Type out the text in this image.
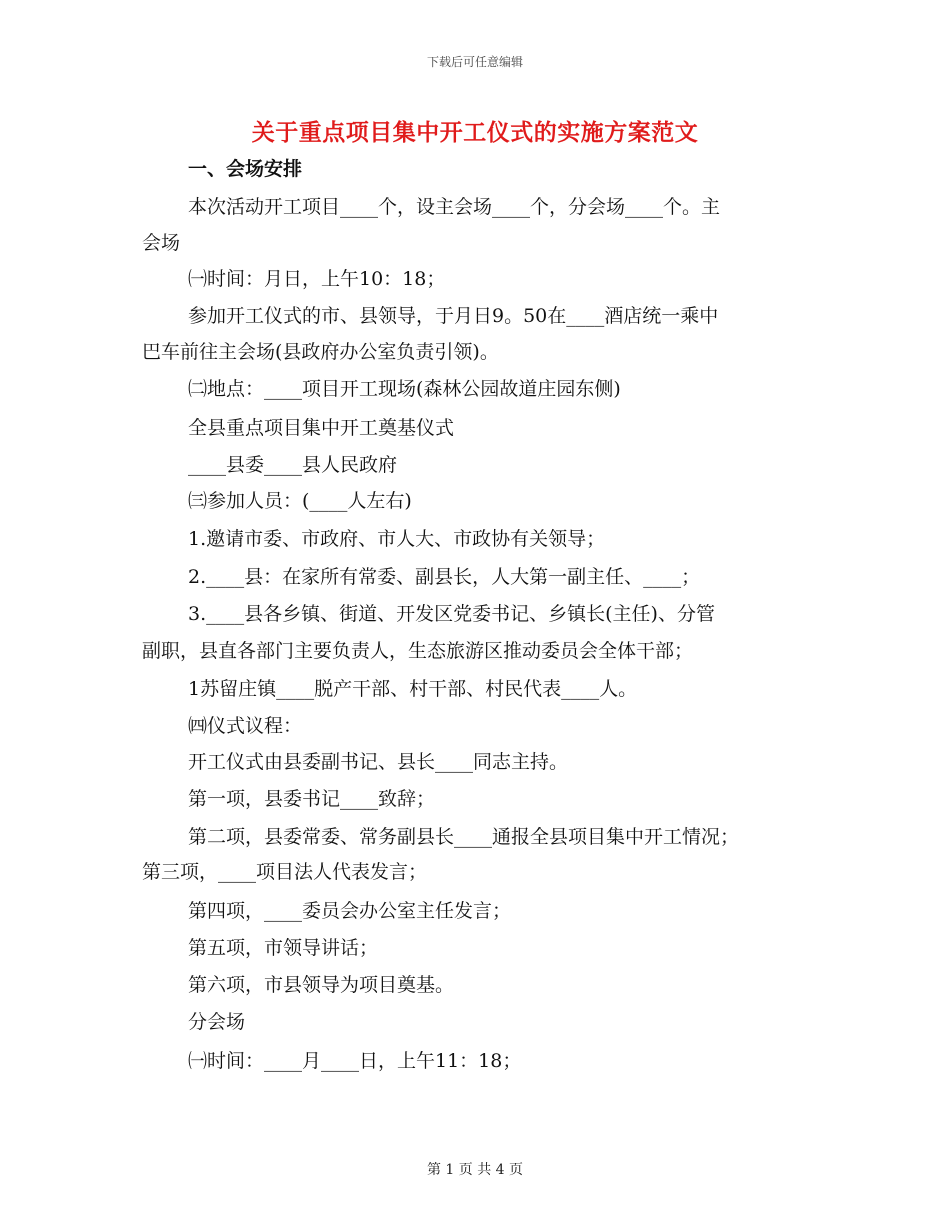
下载后可任意编辑
关于重点项目集中开工仪式的实施方案范文
一、会场安排
本次活动开工项目____个，设主会场____个，分会场____个。主
会场
㈠时间：月日，上午10：18；
参加开工仪式的市、县领导，于月日9。50在____酒店统一乘中
巴车前往主会场(县政府办公室负责引领)。
㈡地点：____项目开工现场(森林公园故道庄园东侧)
全县重点项目集中开工奠基仪式
____县委____县人民政府
㈢参加人员：(____人左右)
1.邀请市委、市政府、市人大、市政协有关领导；
2.____县：在家所有常委、副县长，人大第一副主任、____；
3.____县各乡镇、街道、开发区党委书记、乡镇长(主任)、分管
副职，县直各部门主要负责人，生态旅游区推动委员会全体干部；
1苏留庄镇____脱产干部、村干部、村民代表____人。
㈣仪式议程：
开工仪式由县委副书记、县长____同志主持。
第一项，县委书记____致辞；
第二项，县委常委、常务副县长____通报全县项目集中开工情况；
第三项，____项目法人代表发言；
第四项，____委员会办公室主任发言；
第五项，市领导讲话；
第六项，市县领导为项目奠基。
分会场
㈠时间：____月____日，上午11：18；
第 1 页 共 4 页
